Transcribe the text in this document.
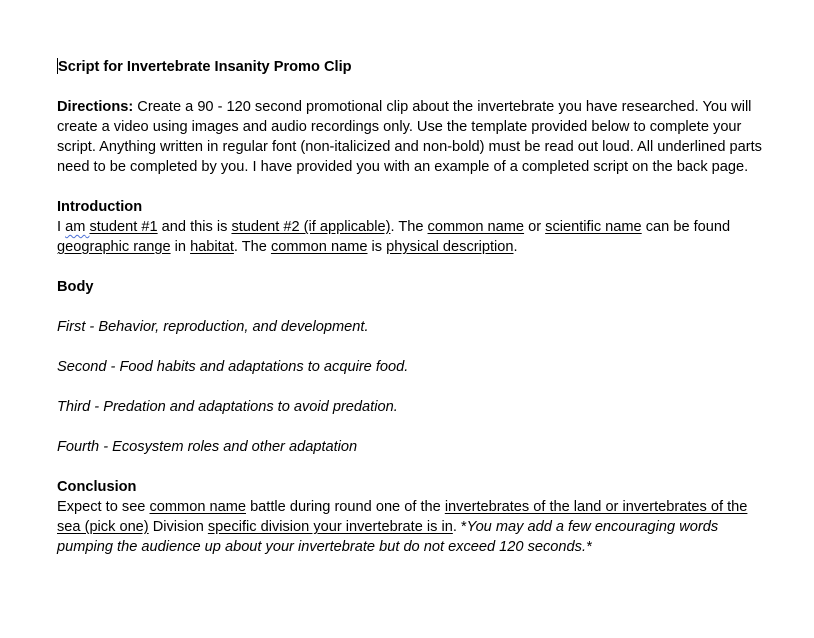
Script for Invertebrate Insanity Promo Clip
Directions: Create a 90 - 120 second promotional clip about the invertebrate you have researched. You will create a video using images and audio recordings only. Use the template provided below to complete your script. Anything written in regular font (non-italicized and non-bold) must be read out loud. All underlined parts need to be completed by you. I have provided you with an example of a completed script on the back page.
Introduction
I am student #1 and this is student #2 (if applicable). The common name or scientific name can be found
geographic range in habitat. The common name is physical description.
Body
First - Behavior, reproduction, and development.
Second - Food habits and adaptations to acquire food.
Third - Predation and adaptations to avoid predation.
Fourth - Ecosystem roles and other adaptation
Conclusion
Expect to see common name battle during round one of the invertebrates of the land or invertebrates of the
sea (pick one) Division specific division your invertebrate is in. *You may add a few encouraging words
pumping the audience up about your invertebrate but do not exceed 120 seconds.*
